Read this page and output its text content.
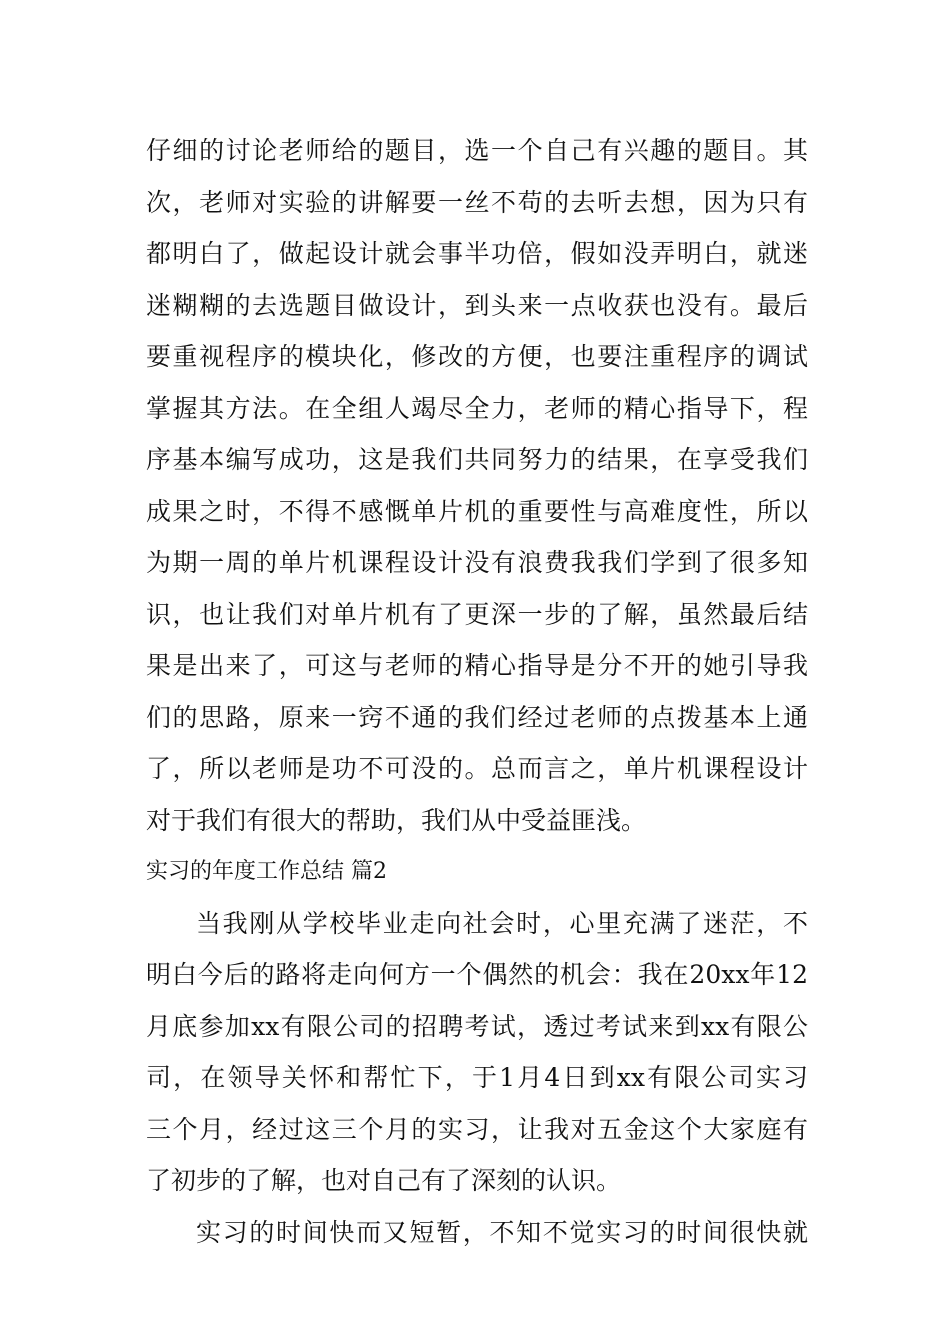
仔细的讨论老师给的题目，选一个自己有兴趣的题目。其
次，老师对实验的讲解要一丝不苟的去听去想，因为只有
都明白了，做起设计就会事半功倍，假如没弄明白，就迷
迷糊糊的去选题目做设计，到头来一点收获也没有。最后
要重视程序的模块化，修改的方便，也要注重程序的调试
掌握其方法。在全组人竭尽全力，老师的精心指导下，程
序基本编写成功，这是我们共同努力的结果，在享受我们
成果之时，不得不感慨单片机的重要性与高难度性，所以
为期一周的单片机课程设计没有浪费我我们学到了很多知
识，也让我们对单片机有了更深一步的了解，虽然最后结
果是出来了，可这与老师的精心指导是分不开的她引导我
们的思路，原来一窍不通的我们经过老师的点拨基本上通
了，所以老师是功不可没的。总而言之，单片机课程设计
对于我们有很大的帮助，我们从中受益匪浅。
实习的年度工作总结 篇2
当我刚从学校毕业走向社会时，心里充满了迷茫，不
明白今后的路将走向何方一个偶然的机会：我在20xx年12
月底参加xx有限公司的招聘考试，透过考试来到xx有限公
司，在领导关怀和帮忙下，于1月4日到xx有限公司实习
三个月，经过这三个月的实习，让我对五金这个大家庭有
了初步的了解，也对自己有了深刻的认识。
实习的时间快而又短暂，不知不觉实习的时间很快就
